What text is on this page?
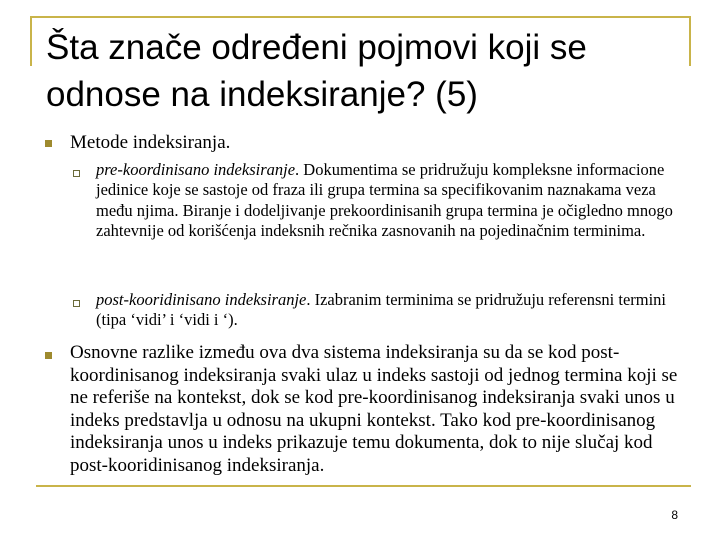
Šta znače određeni pojmovi koji se odnose na indeksiranje? (5)

Metode indeksiranja.

pre-koordinisano indeksiranje. Dokumentima se pridružuju kompleksne informacione jedinice koje se sastoje od fraza ili grupa termina sa specifikovanim naznakama veza među njima. Biranje i dodeljivanje prekoordinisanih grupa termina je očigledno mnogo zahtevnije od korišćenja indeksnih rečnika zasnovanih na pojedinačnim terminima.

post-kooridinisano indeksiranje. Izabranim terminima se pridružuju referensni termini (tipa ‘vidi’ i ‘vidi i ‘).

Osnovne razlike između ova dva sistema indeksiranja su da se kod post-koordinisanog indeksiranja svaki ulaz u indeks sastoji od jednog termina koji se ne referiše na kontekst, dok se kod pre-koordinisanog indeksiranja svaki unos u indeks predstavlja u odnosu na ukupni kontekst. Tako kod pre-koordinisanog indeksiranja unos u indeks prikazuje temu dokumenta, dok to nije slučaj kod post-kooridinisanog indeksiranja.

8
